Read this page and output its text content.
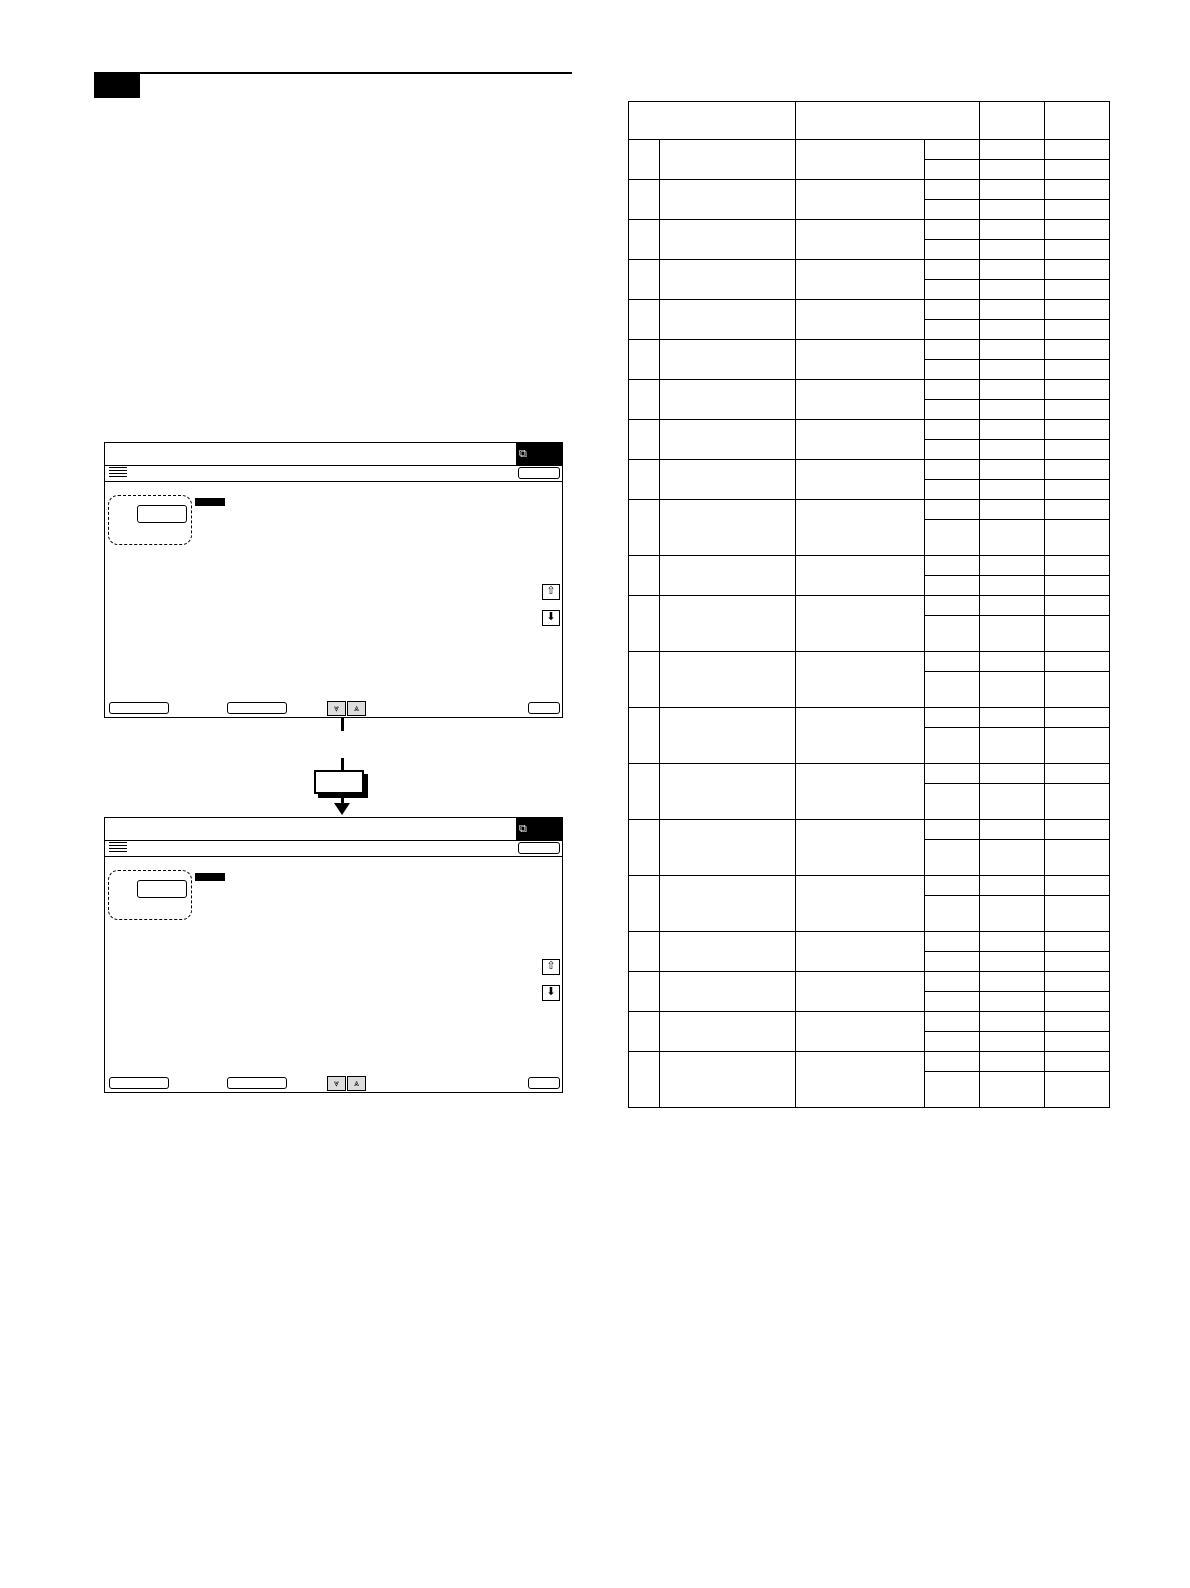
⧉
⇧
⬇
⩔	⩓
⧉
⇧
⬇
⩔	⩓
